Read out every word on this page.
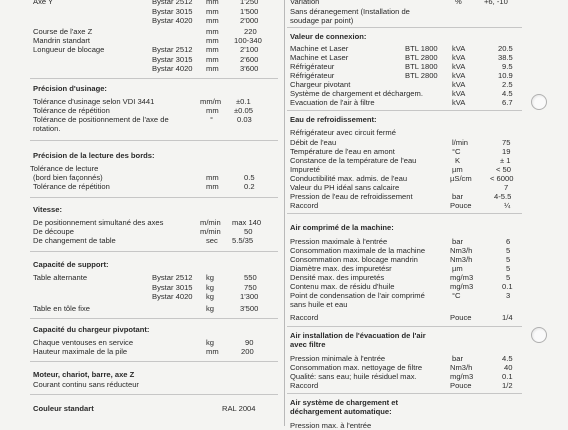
Axe Y	Bystar 2512 mm	1'250
Bystar 3015 mm	1'500
Bystar 4020 mm	2'000
Course de l'axe Z	mm	220
Mandrin standart	mm 100-340
Longueur de blocage	Bystar 2512 mm	2'100
Bystar 3015 mm	2'600
Bystar 4020 mm	3'600
Précision d'usinage:
Tolérance d'usinage selon VDI 3441	mm/m ±0.1
Tolérance de répétition	mm ±0.05
Tolérance de positionnement de l'axe de	°	0.03
rotation.
Précision de la lecture des bords:
Tolérance de lecture
(bord bien façonnés)	mm	0.5
Tolérance de répétition	mm	0.2
Vitesse:
De positionnement simultané des axes	m/min max 140
De découpe	m/min	50
De changement de table	sec 5.5/35
Capacité de support:
Table alternante	Bystar 2512 kg	550
Bystar 3015 kg	750
Bystar 4020 kg	1'300
Table en tôle fixe	kg	3'500
Capacité du chargeur pivpotant:
Chaque ventouses en service	kg	90
Hauteur maximale de la pile	mm	200
Moteur, chariot, barre, axe Z
Courant continu sans réducteur
Couleur standart	RAL 2004
Variation	%	+6, -10
Sans déranegement (Installation de
soudage par point)
Valeur de connexion:
Machine et Laser	BTL 1800 kVA	20.5
Machine et Laser	BTL 2800 kVA	38.5
Réfrigérateur	BTL 1800 kVA	9.5
Réfrigérateur	BTL 2800 kVA	10.9
Chargeur pivotant	kVA	2.5
Système de chargement et déchargem.	kVA	4.5
Evacuation de l'air à filtre	kVA	6.7
Eau de refroidissement:
Réfrigérateur avec circuit fermé
Débit de l'eau	l/min	75
Température de l'eau en amont	°C	19
Constance de la température de l'eau	K	± 1
Impureté	µm	< 50
Conductibilité max. admis. de l'eau	µS/cm < 6000
Valeur du PH idéal sans calcaire	7
Pression de l'eau de refroidissement	bar	4-5.5
Raccord	Pouce	¼
Air comprimé de la machine:
Pression maximale à l'entrée	bar	6
Consommation maximale de la machine	Nm3/h	5
Consommation max. blocage mandrin	Nm3/h	5
Diamètre max. des impuretésr	µm	5
Densité max. des impuretés	mg/m3	5
Contenu max. de résidu d'huile	mg/m3	0.1
Point de condensation de l'air comprimé	°C	3
sans huile et eau
Raccord	Pouce	1/4
Air installation de l'évacuation de l'air
avec filtre
Pression minimale à l'entrée	bar	4.5
Consommation max. nettoyage de filtre	Nm3/h	40
Qualité: sans eau; huile résiduel max.	mg/m3	0.1
Raccord	Pouce	1/2
Air système de chargement et
déchargement automatique:
Pression max. à l'entrée
